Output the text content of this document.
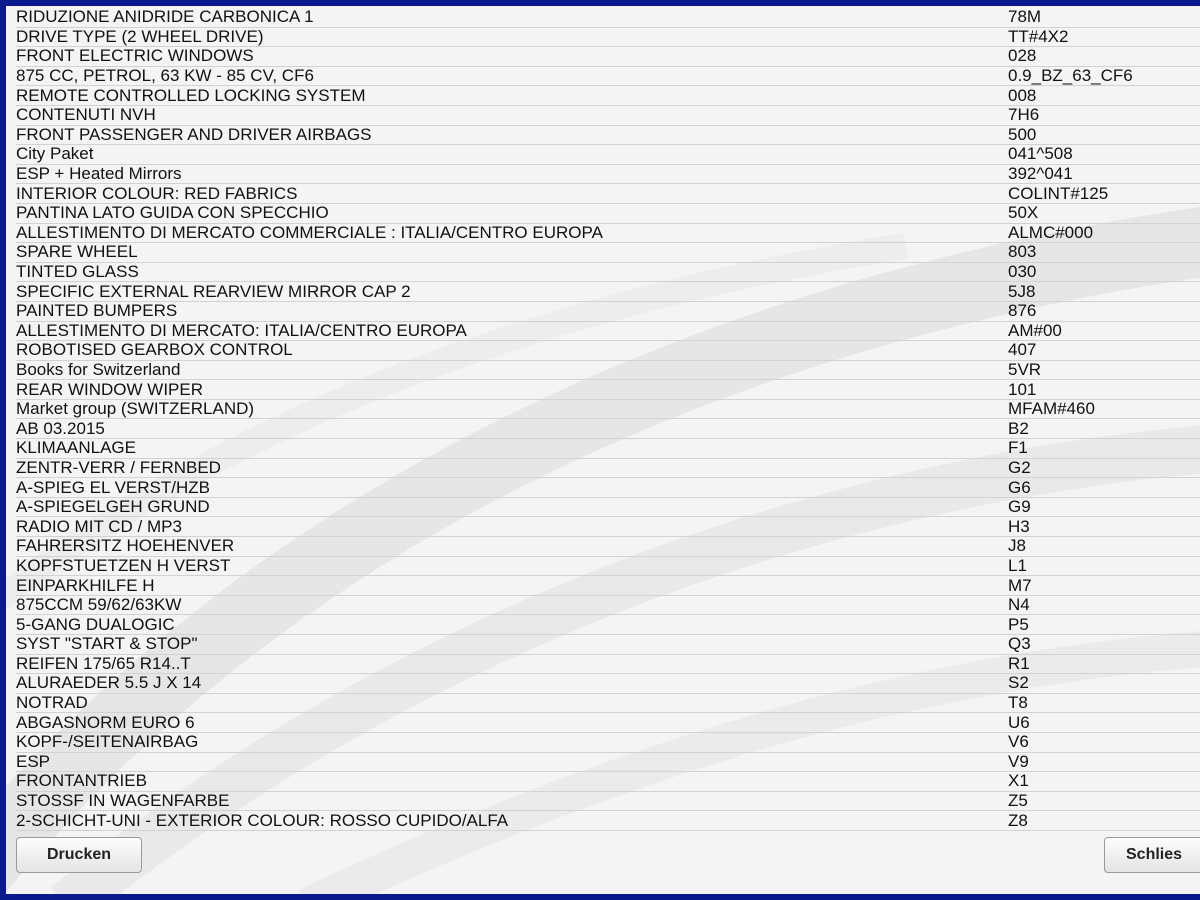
RIDUZIONE ANIDRIDE CARBONICA 1	78M
DRIVE TYPE (2 WHEEL DRIVE)	TT#4X2
FRONT ELECTRIC WINDOWS	028
875 CC, PETROL, 63 KW - 85 CV, CF6	0.9_BZ_63_CF6
REMOTE CONTROLLED LOCKING SYSTEM	008
CONTENUTI NVH	7H6
FRONT PASSENGER AND DRIVER AIRBAGS	500
City Paket	041^508
ESP + Heated Mirrors	392^041
INTERIOR COLOUR: RED FABRICS	COLINT#125
PANTINA LATO GUIDA CON SPECCHIO	50X
ALLESTIMENTO DI MERCATO COMMERCIALE : ITALIA/CENTRO EUROPA	ALMC#000
SPARE WHEEL	803
TINTED GLASS	030
SPECIFIC EXTERNAL REARVIEW MIRROR CAP 2	5J8
PAINTED BUMPERS	876
ALLESTIMENTO DI MERCATO: ITALIA/CENTRO EUROPA	AM#00
ROBOTISED GEARBOX CONTROL	407
Books for Switzerland	5VR
REAR WINDOW WIPER	101
Market group (SWITZERLAND)	MFAM#460
AB 03.2015	B2
KLIMAANLAGE	F1
ZENTR-VERR / FERNBED	G2
A-SPIEG EL VERST/HZB	G6
A-SPIEGELGEH GRUND	G9
RADIO MIT CD / MP3	H3
FAHRERSITZ HOEHENVER	J8
KOPFSTUETZEN H VERST	L1
EINPARKHILFE H	M7
875CCM 59/62/63KW	N4
5-GANG DUALOGIC	P5
SYST "START & STOP"	Q3
REIFEN 175/65 R14..T	R1
ALURAEDER 5.5 J X 14	S2
NOTRAD	T8
ABGASNORM EURO 6	U6
KOPF-/SEITENAIRBAG	V6
ESP	V9
FRONTANTRIEB	X1
STOSSF IN WAGENFARBE	Z5
2-SCHICHT-UNI - EXTERIOR COLOUR: ROSSO CUPIDO/ALFA	Z8
Drucken	Schlies
